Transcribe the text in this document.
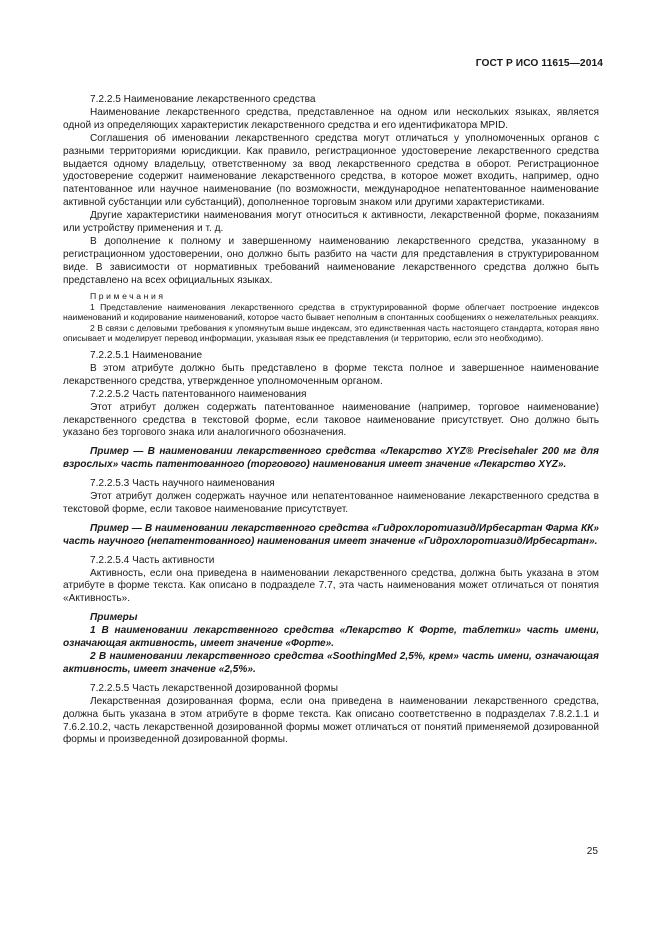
ГОСТ Р ИСО 11615—2014

7.2.2.5 Наименование лекарственного средства

Наименование лекарственного средства, представленное на одном или нескольких языках, является одной из определяющих характеристик лекарственного средства и его идентификатора MPID.

Соглашения об именовании лекарственного средства могут отличаться у уполномоченных органов с разными территориями юрисдикции. Как правило, регистрационное удостоверение лекарственного средства выдается одному владельцу, ответственному за ввод лекарственного средства в оборот. Регистрационное удостоверение содержит наименование лекарственного средства, в которое может входить, например, одно патентованное или научное наименование (по возможности, международное непатентованное наименование активной субстанции или субстанций), дополненное торговым знаком или другими характеристиками.

Другие характеристики наименования могут относиться к активности, лекарственной форме, показаниям или устройству применения и т. д.

В дополнение к полному и завершенному наименованию лекарственного средства, указанному в регистрационном удостоверении, оно должно быть разбито на части для представления в структурированном виде. В зависимости от нормативных требований наименование лекарственного средства должно быть представлено на всех официальных языках.

Примечания

1 Представление наименования лекарственного средства в структурированной форме облегчает построение индексов наименований и кодирование наименований, которое часто бывает неполным в спонтанных сообщениях о нежелательных реакциях.

2 В связи с деловыми требования к упомянутым выше индексам, это единственная часть настоящего стандарта, которая явно описывает и моделирует перевод информации, указывая язык ее представления (и территорию, если это необходимо).

7.2.2.5.1 Наименование

В этом атрибуте должно быть представлено в форме текста полное и завершенное наименование лекарственного средства, утвержденное уполномоченным органом.

7.2.2.5.2 Часть патентованного наименования

Этот атрибут должен содержать патентованное наименование (например, торговое наименование) лекарственного средства в текстовой форме, если таковое наименование присутствует. Оно должно быть указано без торгового знака или аналогичного обозначения.

Пример — В наименовании лекарственного средства «Лекарство XYZ® Precisehaler 200 мг для взрослых» часть патентованного (торгового) наименования имеет значение «Лекарство XYZ».

7.2.2.5.3 Часть научного наименования

Этот атрибут должен содержать научное или непатентованное наименование лекарственного средства в текстовой форме, если таковое наименование присутствует.

Пример — В наименовании лекарственного средства «Гидрохлоротиазид/Ирбесартан Фарма КК» часть научного (непатентованного) наименования имеет значение «Гидрохлоротиазид/Ирбесартан».

7.2.2.5.4 Часть активности

Активность, если она приведена в наименовании лекарственного средства, должна быть указана в этом атрибуте в форме текста. Как описано в подразделе 7.7, эта часть наименования может отличаться от понятия «Активность».

Примеры

1 В наименовании лекарственного средства «Лекарство К Форте, таблетки» часть имени, означающая активность, имеет значение «Форте».

2 В наименовании лекарственного средства «SoothingMed 2,5%, крем» часть имени, означающая активность, имеет значение «2,5%».

7.2.2.5.5 Часть лекарственной дозированной формы

Лекарственная дозированная форма, если она приведена в наименовании лекарственного средства, должна быть указана в этом атрибуте в форме текста. Как описано соответственно в подразделах 7.8.2.1.1 и 7.6.2.10.2, часть лекарственной дозированной формы может отличаться от понятий применяемой дозированной формы и произведенной дозированной формы.

25
